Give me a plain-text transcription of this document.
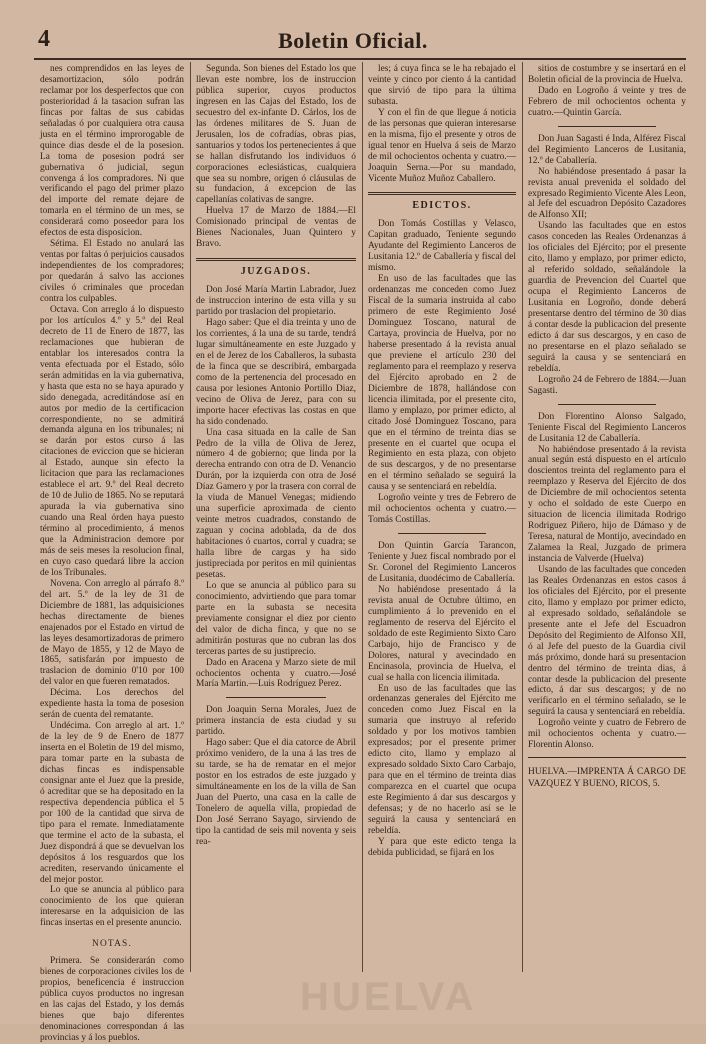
4	Boletin Oficial.

nes comprendidos en las leyes de desamortizacion, sólo podrán reclamar por los desperfectos que con posterioridad á la tasacion sufran las fincas por faltas de sus cabidas señaladas ó por cualquiera otra causa justa en el término improrogable de quince dias desde el de la posesion. La toma de posesion podrá ser gubernativa ó judicial, segun convenga á los compradores. Ni que verificando el pago del primer plazo del importe del remate dejare de tomarla en el término de un mes, se considerará como poseedor para los efectos de esta disposicion.

Sétima. El Estado no anulará las ventas por faltas ó perjuicios causados independientes de los compradores; por quedarán á salvo las acciones civiles ó criminales que procedan contra los culpables.

Octava. Con arreglo á lo dispuesto por los artículos 4.º y 5.º del Real decreto de 11 de Enero de 1877, las reclamaciones que hubieran de entablar los interesados contra la venta efectuada por el Estado, sólo serán admitidas en la via gubernativa, y hasta que esta no se haya apurado y sido denegada, acreditándose así en autos por medio de la certificacion correspondiente, no se admitirá demanda alguna en los tribunales; ni se darán por estos curso á las citaciones de eviccion que se hicieran al Estado, aunque sin efecto la licitacion que para las reclamaciones establece el art. 9.º del Real decreto de 10 de Julio de 1865. No se reputará apurada la via gubernativa sino cuando una Real órden haya puesto término al procedimiento, á menos que la Administracion demore por más de seis meses la resolucion final, en cuyo caso quedará libre la accion de los Tribunales.

Novena. Con arreglo al párrafo 8.º del art. 5.º de la ley de 31 de Diciembre de 1881, las adquisiciones hechas directamente de bienes enajenados por el Estado en virtud de las leyes desamortizadoras de primero de Mayo de 1855, y 12 de Mayo de 1865, satisfarán por impuesto de traslacion de dominio 0'10 por 100 del valor en que fueren rematados.

Décima. Los derechos del expediente hasta la toma de posesion serán de cuenta del rematante.

Undécima. Con arreglo al art. 1.º de la ley de 9 de Enero de 1877 inserta en el Boletin de 19 del mismo, para tomar parte en la subasta de dichas fincas es indispensable consignar ante el Juez que la preside, ó acreditar que se ha depositado en la respectiva dependencia pública el 5 por 100 de la cantidad que sirva de tipo para el remate. Inmediatamente que termine el acto de la subasta, el Juez dispondrá á que se devuelvan los depósitos á los resguardos que los acrediten, reservando únicamente el del mejor postor.

Lo que se anuncia al público para conocimiento de los que quieran interesarse en la adquisicion de las fincas insertas en el presente anuncio.

NOTAS.

Primera. Se considerarán como bienes de corporaciones civiles los de propios, beneficencia é instruccion pública cuyos productos no ingresan en las cajas del Estado, y los demás bienes que bajo diferentes denominaciones correspondan á las provincias y á los pueblos.

Segunda. Son bienes del Estado los que llevan este nombre, los de instruccion pública superior, cuyos productos ingresen en las Cajas del Estado, los de secuestro del ex-infante D. Cárlos, los de las órdenes militares de S. Juan de Jerusalen, los de cofradías, obras pias, santuarios y todos los pertenecientes á que se hallan disfrutando los individuos ó corporaciones eclesiásticas, cualquiera que sea su nombre, origen ó cláusulas de su fundacion, á excepcion de las capellanías colativas de sangre.

Huelva 17 de Marzo de 1884.—El Comisionado principal de ventas de Bienes Nacionales, Juan Quintero y Bravo.

JUZGADOS.

Don José María Martin Labrador, Juez de instruccion interino de esta villa y su partido por traslacion del propietario.

Hago saber: Que el dia treinta y uno de los corrientes, á la una de su tarde, tendrá lugar simultáneamente en este Juzgado y en el de Jerez de los Caballeros, la subasta de la finca que se describirá, embargada como de la pertenencia del procesado en causa por lesiones Antonio Portillo Diaz, vecino de Oliva de Jerez, para con su importe hacer efectivas las costas en que ha sido condenado.

Una casa situada en la calle de San Pedro de la villa de Oliva de Jerez, número 4 de gobierno; que linda por la derecha entrando con otra de D. Venancio Durán, por la izquierda con otra de José Díaz Gamero y por la trasera con corral de la viuda de Manuel Venegas; midiendo una superficie aproximada de ciento veinte metros cuadrados, constando de zaguan y cocina adoblada, da de dos habitaciones ó cuartos, corral y cuadra; se halla libre de cargas y ha sido justipreciada por peritos en mil quinientas pesetas.

Lo que se anuncia al público para su conocimiento, advirtiendo que para tomar parte en la subasta se necesita previamente consignar el diez por ciento del valor de dicha finca, y que no se admitirán posturas que no cubran las dos terceras partes de su justiprecio.

Dado en Aracena y Marzo siete de mil ochocientos ochenta y cuatro.—José María Martin.—Luis Rodríguez Perez.

Don Joaquin Serna Morales, Juez de primera instancia de esta ciudad y su partido.

Hago saber: Que el dia catorce de Abril próximo venidero, de la una á las tres de su tarde, se ha de rematar en el mejor postor en los estrados de este juzgado y simultáneamente en los de la villa de San Juan del Puerto, una casa en la calle de Tonelero de aquella villa, propiedad de Don José Serrano Sayago, sirviendo de tipo la cantidad de seis mil noventa y seis rea-

les; á cuya finca se le ha rebajado el veinte y cinco por ciento á la cantidad que sirvió de tipo para la última subasta.

Y con el fin de que llegue á noticia de las personas que quieran interesarse en la misma, fijo el presente y otros de igual tenor en Huelva á seis de Marzo de mil ochocientos ochenta y cuatro.—Joaquin Serna.—Por su mandado, Vicente Muñoz Muñoz Caballero.

EDICTOS.

Don Tomás Costillas y Velasco, Capitan graduado, Teniente segundo Ayudante del Regimiento Lanceros de Lusitania 12.º de Caballería y fiscal del mismo.

En uso de las facultades que las ordenanzas me conceden como Juez Fiscal de la sumaria instruida al cabo primero de este Regimiento José Dominguez Toscano, natural de Cartaya, provincia de Huelva, por no haberse presentado á la revista anual que previene el artículo 230 del reglamento para el reemplazo y reserva del Ejército aprobado en 2 de Diciembre de 1878, hallándose con licencia ilimitada, por el presente cito, llamo y emplazo, por primer edicto, al citado José Dominguez Toscano, para que en el término de treinta dias se presente en el cuartel que ocupa el Regimiento en esta plaza, con objeto de sus descargos, y de no presentarse en el término señalado se seguirá la causa y se sentenciará en rebeldía.

Logroño veinte y tres de Febrero de mil ochocientos ochenta y cuatro.—Tomás Costillas.

Don Quintin García Tarancon, Teniente y Juez fiscal nombrado por el Sr. Coronel del Regimiento Lanceros de Lusitania, duodécimo de Caballería.

No habiéndose presentado á la revista anual de Octubre último, en cumplimiento á lo prevenido en el reglamento de reserva del Ejército el soldado de este Regimiento Sixto Caro Carbajo, hijo de Francisco y de Dolores, natural y avecindado en Encinasola, provincia de Huelva, el cual se halla con licencia ilimitada.

En uso de las facultades que las ordenanzas generales del Ejército me conceden como Juez Fiscal en la sumaria que instruyo al referido soldado y por los motivos tambien expresados; por el presente primer edicto cito, llamo y emplazo al expresado soldado Sixto Caro Carbajo, para que en el término de treinta dias comparezca en el cuartel que ocupa este Regimiento á dar sus descargos y defensas; y de no hacerlo así se le seguirá la causa y sentenciará en rebeldía.

Y para que este edicto tenga la debida publicidad, se fijará en los

sitios de costumbre y se insertará en el Boletin oficial de la provincia de Huelva.

Dado en Logroño á veinte y tres de Febrero de mil ochocientos ochenta y cuatro.—Quintin García.

Don Juan Sagasti é Inda, Alférez Fiscal del Regimiento Lanceros de Lusitania, 12.º de Caballería.

No habiéndose presentado á pasar la revista anual prevenida el soldado del expresado Regimiento Vicente Ales Leon, al Jefe del escuadron Depósito Cazadores de Alfonso XII;

Usando las facultades que en estos casos conceden las Reales Ordenanzas á los oficiales del Ejército; por el presente cito, llamo y emplazo, por primer edicto, al referido soldado, señalándole la guardia de Prevencion del Cuartel que ocupa el Regimiento Lanceros de Lusitania en Logroño, donde deberá presentarse dentro del término de 30 dias á contar desde la publicacion del presente edicto á dar sus descargos, y en caso de no presentarse en el plazo señalado se seguirá la causa y se sentenciará en rebeldía.

Logroño 24 de Febrero de 1884.—Juan Sagasti.

Don Florentino Alonso Salgado, Teniente Fiscal del Regimiento Lanceros de Lusitania 12 de Caballería.

No habiéndose presentado á la revista anual según está dispuesto en el artículo doscientos treinta del reglamento para el reemplazo y Reserva del Ejército de dos de Diciembre de mil ochocientos setenta y ocho el soldado de este Cuerpo en situacion de licencia ilimitada Rodrigo Rodriguez Piñero, hijo de Dámaso y de Teresa, natural de Montijo, avecindado en Zalamea la Real, Juzgado de primera instancia de Valverde (Huelva)

Usando de las facultades que conceden las Reales Ordenanzas en estos casos á los oficiales del Ejército, por el presente cito, llamo y emplazo por primer edicto, al expresado soldado, señalándole se presente ante el Jefe del Escuadron Depósito del Regimiento de Alfonso XII, ó al Jefe del puesto de la Guardia civil más próximo, donde hará su presentacion dentro del término de treinta dias, á contar desde la publicacion del presente edicto, á dar sus descargos; y de no verificarlo en el término señalado, se le seguirá la causa y sentenciará en rebeldía.

Logroño veinte y cuatro de Febrero de mil ochocientos ochenta y cuatro.—Florentin Alonso.

HUELVA.—IMPRENTA Á CARGO DE VAZQUEZ Y BUENO, RICOS, 5.
HUELVA
